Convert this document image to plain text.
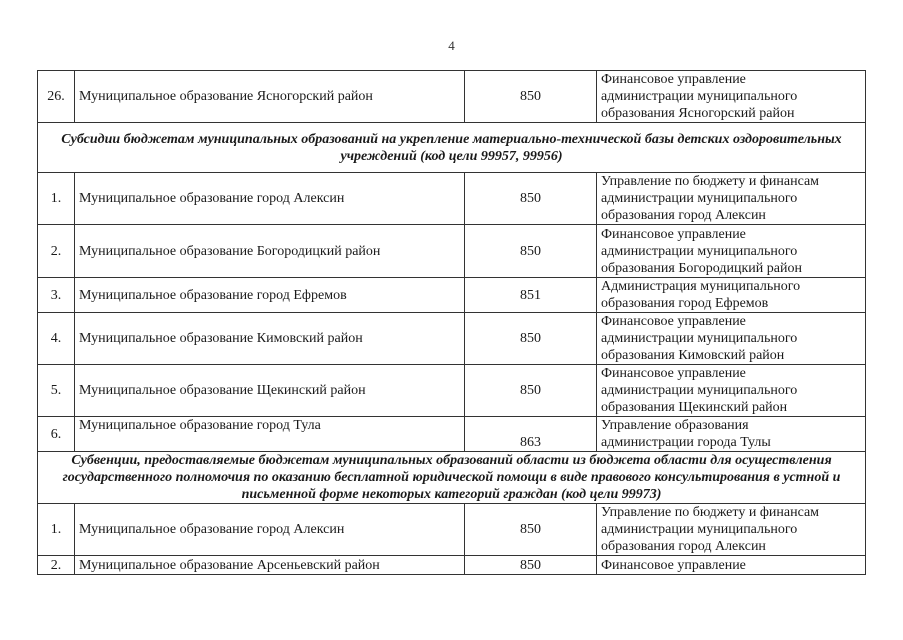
4
26.	Муниципальное образование Ясногорский район	850	Финансовое управление
администрации муниципального
образования Ясногорский район

Субсидии бюджетам муниципальных образований на укрепление материально-технической базы детских оздоровительных учреждений (код цели 99957, 99956)			
1.	Муниципальное образование город Алексин	850	Управление по бюджету и финансам
администрации муниципального
образования город Алексин

2.	Муниципальное образование Богородицкий район	850	Финансовое управление
администрации муниципального
образования Богородицкий район

3.	Муниципальное образование город Ефремов	851	Администрация муниципального
образования город Ефремов

4.	Муниципальное образование Кимовский район	850	Финансовое управление
администрации муниципального
образования Кимовский район

5.	Муниципальное образование Щекинский район	850	Финансовое управление
администрации муниципального
образования Щекинский район

6.	Муниципальное образование город Тула	863	Управление образования
администрации города Тулы

Субвенции, предоставляемые бюджетам муниципальных образований области из бюджета области для осуществления государственного полномочия по оказанию бесплатной юридической помощи в виде правового консультирования в устной и письменной форме некоторых категорий граждан (код цели 99973)			
1.	Муниципальное образование город Алексин	850	Управление по бюджету и финансам
администрации муниципального
образования город Алексин

2.	Муниципальное образование Арсеньевский район	850	Финансовое управление
